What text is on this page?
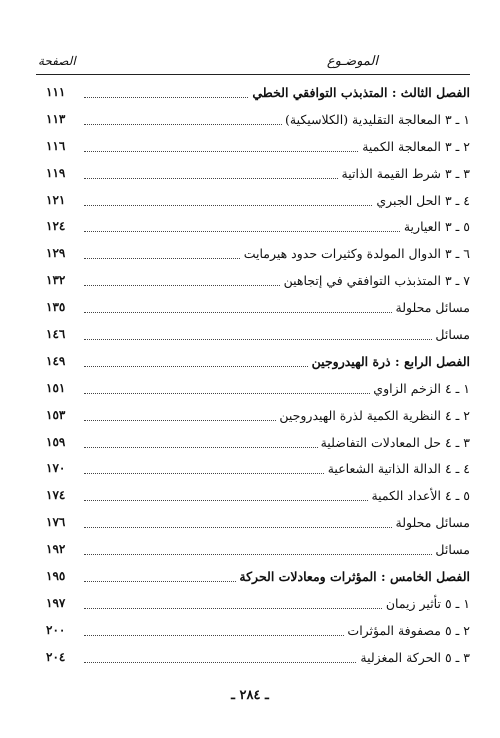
الموضـوع
الصفحة
الفصل الثالث : المتذبذب التوافقي الخطي
١١١
١ ـ ٣ المعالجة التقليدية (الكلاسيكية)
١١٣
٢ ـ ٣ المعالجة الكمية
١١٦
٣ ـ ٣ شرط القيمة الذاتية
١١٩
٤ ـ ٣ الحل الجبري
١٢١
٥ ـ ٣ العيارية
١٢٤
٦ ـ ٣ الدوال المولدة وكثيرات حدود هيرمايت
١٢٩
٧ ـ ٣ المتذبذب التوافقي في إتجاهين
١٣٢
مسائل محلولة
١٣٥
مسائل
١٤٦
الفصل الرابع : ذرة الهيدروجين
١٤٩
١ ـ ٤ الزخم الزاوي
١٥١
٢ ـ ٤ النظرية الكمية لذرة الهيدروجين
١٥٣
٣ ـ ٤ حل المعادلات التفاضلية
١٥٩
٤ ـ ٤ الدالة الذاتية الشعاعية
١٧٠
٥ ـ ٤ الأعداد الكمية
١٧٤
مسائل محلولة
١٧٦
مسائل
١٩٢
الفصل الخامس : المؤثرات ومعادلات الحركة
١٩٥
١ ـ ٥ تأثير زيمان
١٩٧
٢ ـ ٥ مصفوفة المؤثرات
٢٠٠
٣ ـ ٥ الحركة المغزلية
٢٠٤
ـ ٢٨٤ ـ
